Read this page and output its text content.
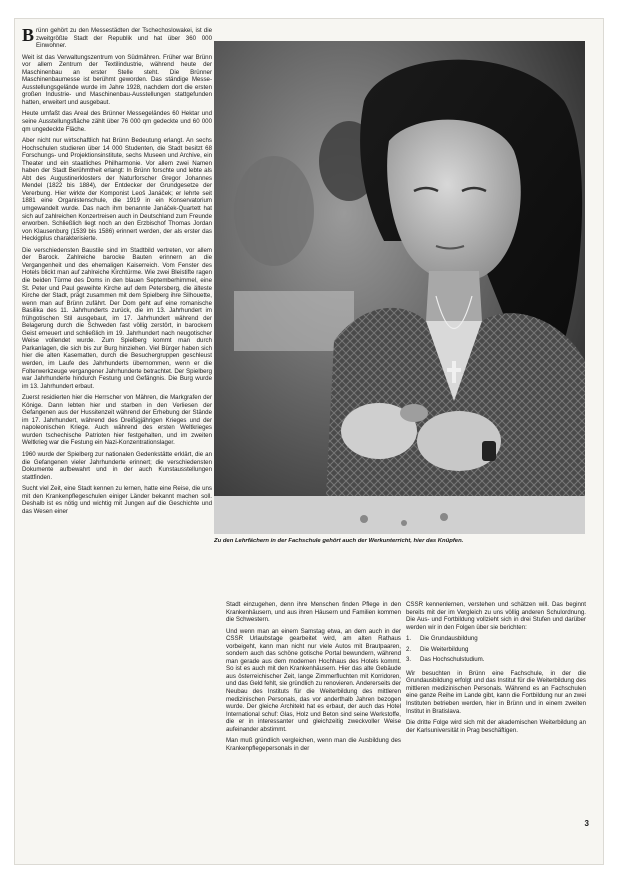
Brünn gehört zu den Messestädten der Tschechoslowakei, ist die zweitgrößte Stadt der Republik und hat über 360 000 Einwohner.

Weit ist das Verwaltungszentrum von Südmähren. Früher war Brünn vor allem Zentrum der Textilindustrie, während heute der Maschinenbau an erster Stelle steht. Die Brünner Maschinenbaumesse ist berühmt geworden. Das ständige Messe-Ausstellungsgelände wurde im Jahre 1928, nachdem dort die ersten großen Industrie- und Maschinenbau-Ausstellungen stattgefunden hatten, erweitert und ausgebaut.

Heute umfaßt das Areal des Brünner Messegeländes 60 Hektar und seine Ausstellungsfläche zählt über 76 000 qm gedeckte und 60 000 qm ungedeckte Fläche.

Aber nicht nur wirtschaftlich hat Brünn Bedeutung erlangt. An sechs Hochschulen studieren über 14 000 Studenten, die Stadt besitzt 68 Forschungs- und Projektionsinstitute, sechs Museen und Archive, ein Theater und ein staatliches Philharmonie. Vor allem zwei Namen haben der Stadt Berühmtheit erlangt: In Brünn forschte und lebte als Abt des Augustinerklosters der Naturforscher Gregor Johannes Mendel (1822 bis 1884), der Entdecker der Grundgesetze der Vererbung. Hier wirkte der Komponist Leoš Janáček; er lehrte seit 1881 eine Organistenschule, die 1919 in ein Konservatorium umgewandelt wurde. Das nach ihm benannte Janáček-Quartett hat sich auf zahlreichen Konzertreisen auch in Deutschland zum Freunde erworben. Schließlich liegt noch an den Erzbischof Thomas Jordan von Klausenburg (1539 bis 1586) erinnert werden, der als erster das Heckigplus charakterisierte.

Die verschiedensten Baustile sind im Stadtbild vertreten, vor allem der Barock. Zahlreiche barocke Bauten erinnern an die Vergangenheit und des ehemaligen Kaiserreich. Vom Fenster des Hotels blickt man auf zahlreiche Kirchtürme. Wie zwei Bleistifte ragen die beiden Türme des Doms in den blauen Septemberhimmel, eine St. Peter und Paul geweihte Kirche auf dem Petersberg, die älteste Kirche der Stadt, prägt zusammen mit dem Spielberg ihre Silhouette, wenn man auf Brünn zufährt. Der Dom geht auf eine romanische Basilika des 11. Jahrhunderts zurück, die im 13. Jahrhundert im frühgotischen Stil ausgebaut, im 17. Jahrhundert während der Belagerung durch die Schweden fast völlig zerstört, in barockem Geist erneuert und schließlich im 19. Jahrhundert nach neugotischer Weise vollendet wurde. Zum Spielberg kommt man durch Parkanlagen, die sich bis zur Burg hinziehen. Viel Bürger haben sich hier die alten Kasematten, durch die Besuchergruppen geschleust werden, im Laufe des Jahrhunderts übernommen, wenn er die Folterwerkzeuge vergangener Jahrhunderte betrachtet. Der Spielberg war Jahrhunderte hindurch Festung und Gefängnis. Die Burg wurde im 13. Jahrhundert erbaut.

Zuerst residierten hier die Herrscher von Mähren, die Markgrafen der Könige. Dann lebten hier und starben in den Verliesen der Gefangenen aus der Hussitenzeit während der Erhebung der Stände im 17. Jahrhundert, während des Dreißigjährigen Krieges und der napoleonischen Kriege. Auch während des ersten Weltkrieges wurden tschechische Patrioten hier festgehalten, und im zweiten Weltkrieg war die Festung ein Nazi-Konzentrationslager.

1960 wurde der Spielberg zur nationalen Gedenkstätte erklärt, die an die Gefangenen vieler Jahrhunderte erinnert; die verschiedensten Dokumente aufbewahrt und in der auch Kunstausstellungen stattfinden.

Sucht viel Zeit, eine Stadt kennen zu lernen, hatte eine Reise, die uns mit den Krankenpflegeschulen einiger Länder bekannt machen soll. Deshalb ist es nötig und wichtig mit Jungen auf die Geschichte und das Wesen einer

Zu den Lehrfächern in der Fachschule gehört auch der Werkunterricht, hier das Knüpfen.

Stadt einzugehen, denn ihre Menschen finden Pflege in den Krankenhäusern, und aus ihren Häusern und Familien kommen die Schwestern.

Und wenn man an einem Samstag etwa, an dem auch in der CSSR Urlaubstage gearbeitet wird, am alten Rathaus vorbeigeht, kann man nicht nur viele Autos mit Brautpaaren, sondern auch das schöne gotische Portal bewundern, während man gerade aus dem modernen Hochhaus des Hotels kommt. So ist es auch mit den Krankenhäusern. Hier das alte Gebäude aus österreichischer Zeit, lange Zimmerfluchten mit Korridoren, und das Geld fehlt, sie gründlich zu renovieren. Andererseits der Neubau des Instituts für die Weiterbildung des mittleren medizinischen Personals, das vor anderthalb Jahren bezogen wurde. Der gleiche Architekt hat es erbaut, der auch das Hotel International schuf: Glas, Holz und Beton sind seine Werkstoffe, die er in interessanter und gleichzeitig zweckvoller Weise aufeinander abstimmt.

Man muß gründlich vergleichen, wenn man die Ausbildung des Krankenpflegepersonals in der

CSSR kennenlernen, verstehen und schätzen will. Das beginnt bereits mit der im Vergleich zu uns völlig anderen Schulordnung. Die Aus- und Fortbildung vollzieht sich in drei Stufen und darüber werden wir in den Folgen über sie berichten:

1.	Die Grundausbildung
2.	Die Weiterbildung
3.	Das Hochschulstudium.

Wir besuchten in Brünn eine Fachschule, in der die Grundausbildung erfolgt und das Institut für die Weiterbildung des mittleren medizinischen Personals. Während es an Fachschulen eine ganze Reihe im Lande gibt, kann die Fortbildung nur an zwei Instituten betrieben werden, hier in Brünn und in einem zweiten Institut in Bratislava.

Die dritte Folge wird sich mit der akademischen Weiterbildung an der Karlsuniversität in Prag beschäftigen.

3
